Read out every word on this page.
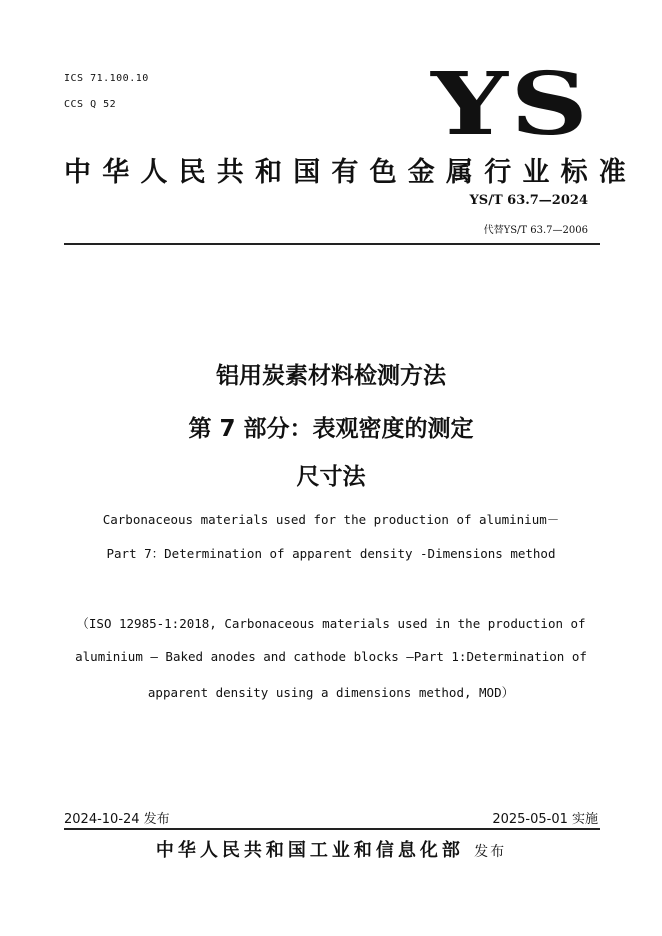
ICS 71.100.10
CCS Q 52	YS
中华人民共和国有色金属行业标准
YS/T 63.7—2024
代替YS/T 63.7—2006
铝用炭素材料检测方法
第 7 部分：表观密度的测定
尺寸法
Carbonaceous materials used for the production of aluminium－
Part 7：Determination of apparent density -Dimensions method
（ISO 12985-1:2018, Carbonaceous materials used in the production of
aluminium — Baked anodes and cathode blocks —Part 1:Determination of
apparent density using a dimensions method, MOD）
2024-10-24 发布	2025-05-01 实施
中华人民共和国工业和信息化部 发布
